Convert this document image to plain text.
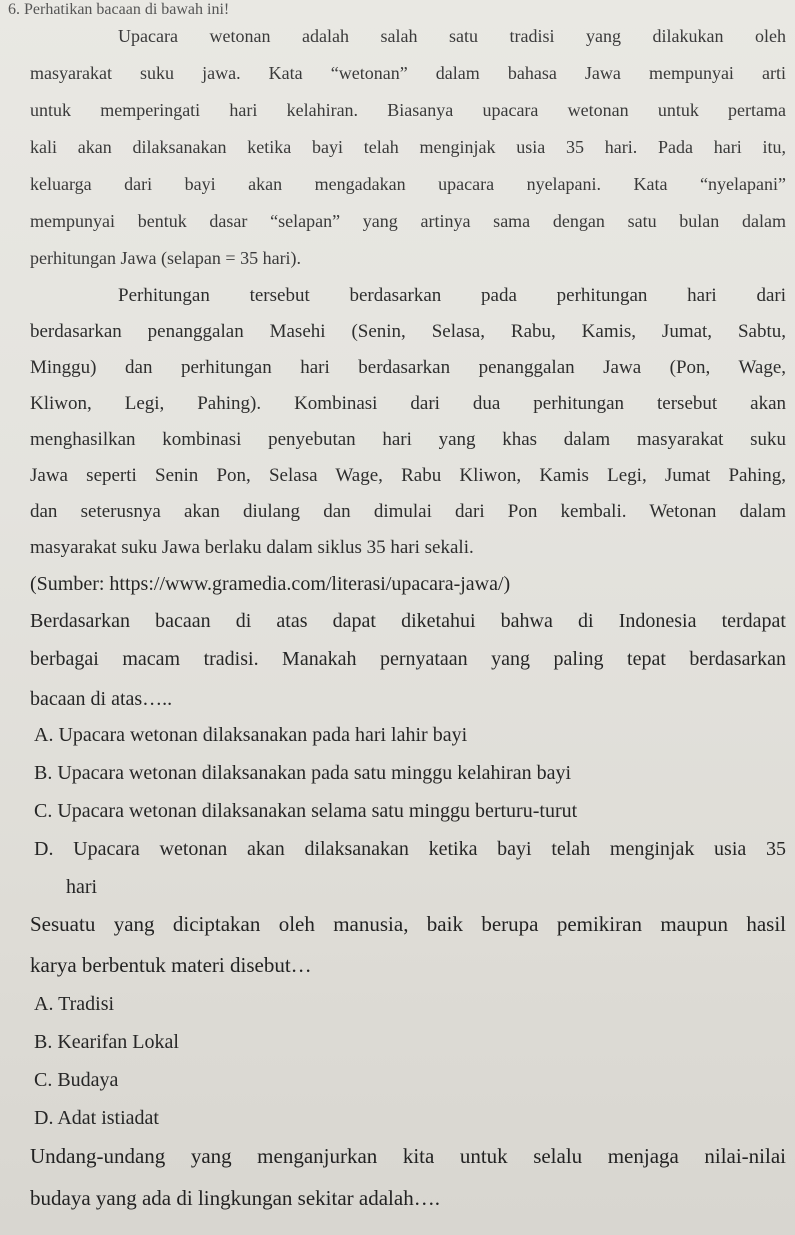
6. Perhatikan bacaan di bawah ini!
Upacara wetonan adalah salah satu tradisi yang dilakukan oleh
masyarakat suku jawa. Kata “wetonan” dalam bahasa Jawa mempunyai arti
untuk memperingati hari kelahiran. Biasanya upacara wetonan untuk pertama
kali akan dilaksanakan ketika bayi telah menginjak usia 35 hari. Pada hari itu,
keluarga dari bayi akan mengadakan upacara nyelapani. Kata “nyelapani”
mempunyai bentuk dasar “selapan” yang artinya sama dengan satu bulan dalam
perhitungan Jawa (selapan = 35 hari).
Perhitungan tersebut berdasarkan pada perhitungan hari dari
berdasarkan penanggalan Masehi (Senin, Selasa, Rabu, Kamis, Jumat, Sabtu,
Minggu) dan perhitungan hari berdasarkan penanggalan Jawa (Pon, Wage,
Kliwon, Legi, Pahing). Kombinasi dari dua perhitungan tersebut akan
menghasilkan kombinasi penyebutan hari yang khas dalam masyarakat suku
Jawa seperti Senin Pon, Selasa Wage, Rabu Kliwon, Kamis Legi, Jumat Pahing,
dan seterusnya akan diulang dan dimulai dari Pon kembali. Wetonan dalam
masyarakat suku Jawa berlaku dalam siklus 35 hari sekali.
(Sumber: https://www.gramedia.com/literasi/upacara-jawa/)
Berdasarkan bacaan di atas dapat diketahui bahwa di Indonesia terdapat
berbagai macam tradisi. Manakah pernyataan yang paling tepat berdasarkan
bacaan di atas…..
A. Upacara wetonan dilaksanakan pada hari lahir bayi
B. Upacara wetonan dilaksanakan pada satu minggu kelahiran bayi
C. Upacara wetonan dilaksanakan selama satu minggu berturu-turut
D. Upacara wetonan akan dilaksanakan ketika bayi telah menginjak usia 35
hari
Sesuatu yang diciptakan oleh manusia, baik berupa pemikiran maupun hasil
karya berbentuk materi disebut…
A. Tradisi
B. Kearifan Lokal
C. Budaya
D. Adat istiadat
Undang-undang yang menganjurkan kita untuk selalu menjaga nilai-nilai
budaya yang ada di lingkungan sekitar adalah….
